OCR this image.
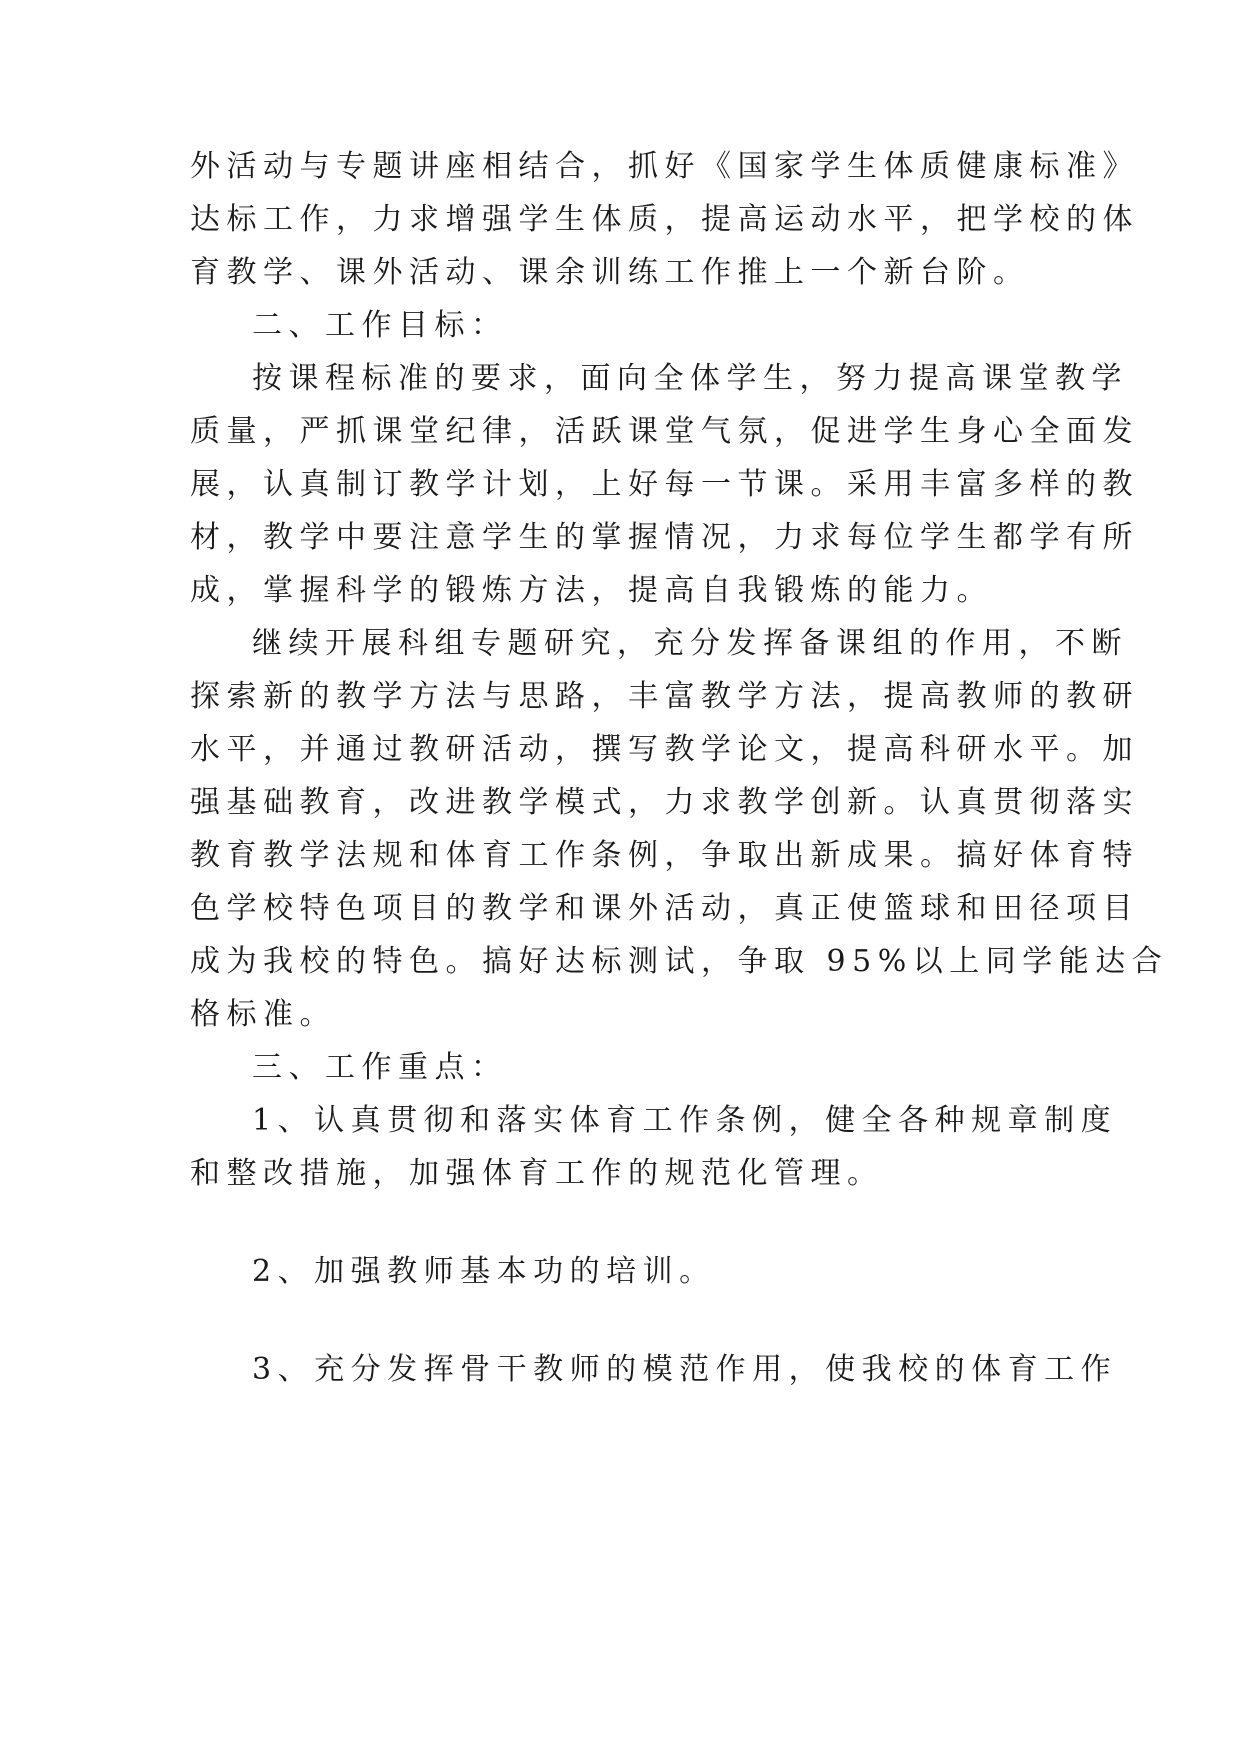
外活动与专题讲座相结合，抓好《国家学生体质健康标准》
达标工作，力求增强学生体质，提高运动水平，把学校的体
育教学、课外活动、课余训练工作推上一个新台阶。
二、工作目标：
按课程标准的要求，面向全体学生，努力提高课堂教学
质量，严抓课堂纪律，活跃课堂气氛，促进学生身心全面发
展，认真制订教学计划，上好每一节课。采用丰富多样的教
材，教学中要注意学生的掌握情况，力求每位学生都学有所
成，掌握科学的锻炼方法，提高自我锻炼的能力。
继续开展科组专题研究，充分发挥备课组的作用，不断
探索新的教学方法与思路，丰富教学方法，提高教师的教研
水平，并通过教研活动，撰写教学论文，提高科研水平。加
强基础教育，改进教学模式，力求教学创新。认真贯彻落实
教育教学法规和体育工作条例，争取出新成果。搞好体育特
色学校特色项目的教学和课外活动，真正使篮球和田径项目
成为我校的特色。搞好达标测试，争取 95%以上同学能达合
格标准。
三、工作重点：
1、认真贯彻和落实体育工作条例，健全各种规章制度
和整改措施，加强体育工作的规范化管理。
2、加强教师基本功的培训。
3、充分发挥骨干教师的模范作用，使我校的体育工作
